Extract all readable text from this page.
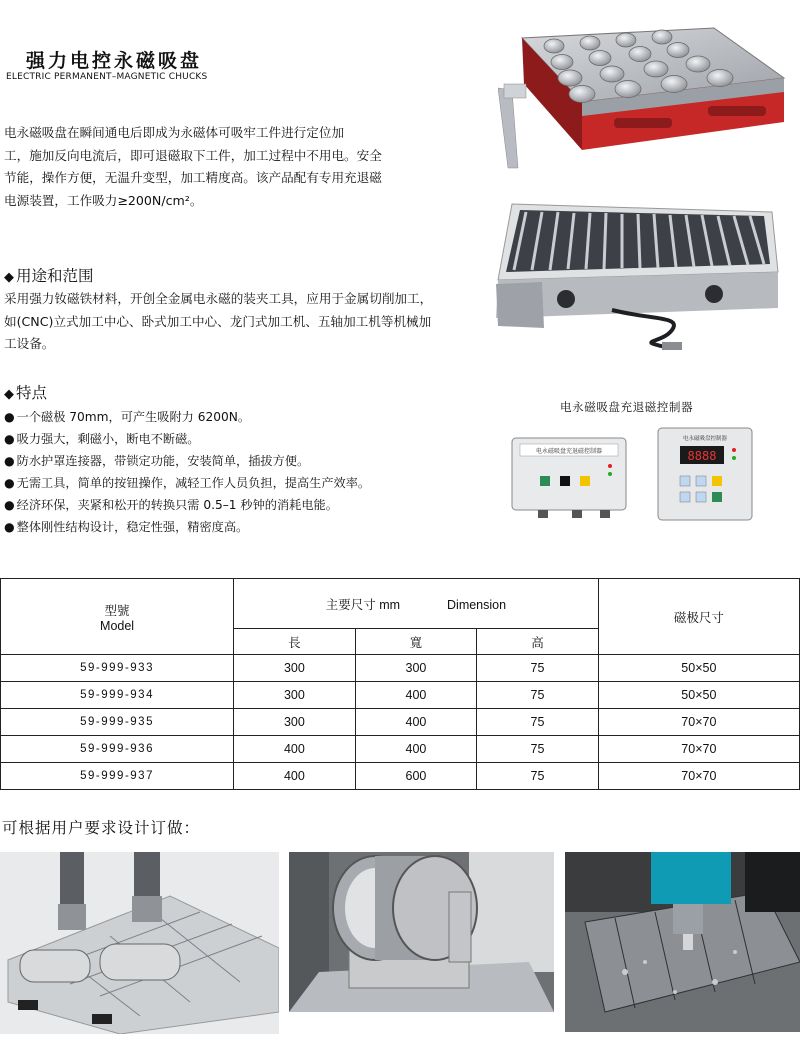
强力电控永磁吸盘
ELECTRIC PERMANENT–MAGNETIC CHUCKS
电永磁吸盘在瞬间通电后即成为永磁体可吸牢工件进行定位加
工，施加反向电流后，即可退磁取下工件，加工过程中不用电。安全
节能，操作方便，无温升变型，加工精度高。该产品配有专用充退磁
电源装置，工作吸力≥200N/cm²。
◆ 用途和范围
采用强力钕磁铁材料，开创全金属电永磁的装夹工具，应用于金属切削加工，
如(CNC)立式加工中心、卧式加工中心、龙门式加工机、五轴加工机等机械加
工设备。
◆ 特点
● 一个磁极 70mm，可产生吸附力 6200N。
● 吸力强大，剩磁小，断电不断磁。
● 防水护罩连接器，带锁定功能，安装简单，插拔方便。
● 无需工具，简单的按钮操作，减轻工作人员负担，提高生产效率。
● 经济环保，夹紧和松开的转换只需 0.5–1 秒钟的消耗电能。
● 整体刚性结构设计，稳定性强，精密度高。
电永磁吸盘充退磁控制器
电永磁吸盘充退磁控制器
电永磁吸盘控制器
8888
型號
Model	主要尺寸 mm Dimension			磁极尺寸
	長	寬	高	
59-999-933	300	300	75	50×50
59-999-934	300	400	75	50×50
59-999-935	300	400	75	70×70
59-999-936	400	400	75	70×70
59-999-937	400	600	75	70×70
可根据用户要求设计订做：
